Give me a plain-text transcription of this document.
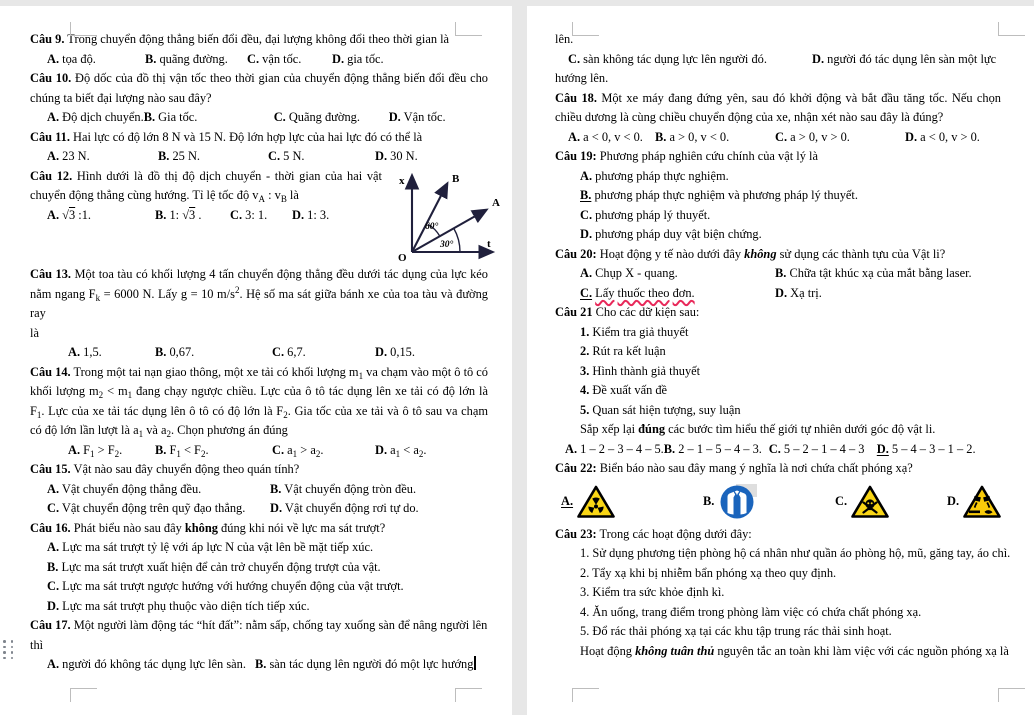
Câu 9. Trong chuyển động thẳng biến đổi đều, đại lượng không đổi theo thời gian là
A. tọa độ.	B. quãng đường.	C. vận tốc.	D. gia tốc.
Câu 10. Độ dốc của đồ thị vận tốc theo thời gian của chuyển động thẳng biến đổi đều cho chúng ta biết đại lượng nào sau đây?
A. Độ dịch chuyển. B. Gia tốc.	C. Quãng đường.	D. Vận tốc.
Câu 11. Hai lực có độ lớn 8 N và 15 N. Độ lớn hợp lực của hai lực đó có thể là
A. 23 N.	B. 25 N.	C. 5 N.	D. 30 N.
Câu 12. Hình dưới là đồ thị độ dịch chuyển - thời gian của hai vật chuyển động thẳng cùng hướng. Tỉ lệ tốc độ $v_A$ : $v_B$ là
A. √3 :1.	B. 1: √3 .	C. 3: 1.	D. 1: 3.
Câu 13. Một toa tàu có khối lượng 4 tấn chuyển động thẳng đều dưới tác dụng của lực kéo nằm ngang $F_k = 6000$ N. Lấy g = 10 $m/s^2$. Hệ số ma sát giữa bánh xe của toa tàu và đường ray
là
A. 1,5.	B. 0,67.	C. 6,7.	D. 0,15.
Câu 14. Trong một tai nạn giao thông, một xe tải có khối lượng $m_1$ va chạm vào một ô tô có khối lượng $m_2 < m_1$ đang chạy ngược chiều. Lực của ô tô tác dụng lên xe tải có độ lớn là $F_1$. Lực của xe tải tác dụng lên ô tô có độ lớn là $F_2$. Gia tốc của xe tải và ô tô sau va chạm có độ lớn lần lượt là $a_1$ và $a_2$. Chọn phương án đúng
A. $F_1 > F_2$.	B. $F_1 < F_2$.	C. $a_1 > a_2$.	D. $a_1 < a_2$.
Câu 15. Vật nào sau đây chuyển động theo quán tính?
A. Vật chuyển động thẳng đều.	B. Vật chuyển động tròn đều.
C. Vật chuyển động trên quỹ đạo thẳng.	D. Vật chuyển động rơi tự do.
Câu 16. Phát biểu nào sau đây không đúng khi nói về lực ma sát trượt?
A. Lực ma sát trượt tỷ lệ với áp lực N của vật lên bề mặt tiếp xúc.
B. Lực ma sát trượt xuất hiện để cản trở chuyển động trượt của vật.
C. Lực ma sát trượt ngược hướng với hướng chuyển động của vật trượt.
D. Lực ma sát trượt phụ thuộc vào diện tích tiếp xúc.
Câu 17. Một người làm động tác “hít đất”: nằm sấp, chống tay xuống sàn để nâng người lên
thì
A. người đó không tác dụng lực lên sàn. B. sàn tác dụng lên người đó một lực hướng
x
t
O
B
A
60°
30°
lên.
C. sàn không tác dụng lực lên người đó.	D. người đó tác dụng lên sàn một lực
hướng lên.
Câu 18. Một xe máy đang đứng yên, sau đó khởi động và bắt đầu tăng tốc. Nếu chọn chiều dương là cùng chiều chuyển động của xe, nhận xét nào sau đây là đúng?
A. a < 0, v < 0. B. a > 0, v < 0.	C. a > 0, v > 0.	D. a < 0, v > 0.
Câu 19: Phương pháp nghiên cứu chính của vật lý là
A. phương pháp thực nghiệm.
B. phương pháp thực nghiệm và phương pháp lý thuyết.
C. phương pháp lý thuyết.
D. phương pháp duy vật biện chứng.
Câu 20: Hoạt động y tế nào dưới đây không sử dụng các thành tựu của Vật li?
A. Chụp X - quang.	B. Chữa tật khúc xạ của mắt bằng laser.
C. Lấy thuốc theo đơn.	D. Xạ trị.
Câu 21 Cho các dữ kiện sau:
1. Kiểm tra giả thuyết
2. Rút ra kết luận
3. Hình thành giả thuyết
4. Đề xuất vấn đề
5. Quan sát hiện tượng, suy luận
Sắp xếp lại đúng các bước tìm hiểu thế giới tự nhiên dưới góc độ vật li.
A. 1 – 2 – 3 – 4 – 5. B. 2 – 1 – 5 – 4 – 3. C. 5 – 2 – 1 – 4 – 3 D. 5 – 4 – 3 – 1 – 2.
Câu 22: Biển báo nào sau đây mang ý nghĩa là nơi chứa chất phóng xạ?
A.	B.	C.	D.
Câu 23: Trong các hoạt động dưới đây:
1. Sử dụng phương tiện phòng hộ cá nhân như quần áo phòng hộ, mũ, găng tay, áo chì.
2. Tẩy xạ khi bị nhiễm bẩn phóng xạ theo quy định.
3. Kiểm tra sức khỏe định kì.
4. Ăn uống, trang điểm trong phòng làm việc có chứa chất phóng xạ.
5. Đổ rác thải phóng xạ tại các khu tập trung rác thải sinh hoạt.
Hoạt động không tuân thủ nguyên tắc an toàn khi làm việc với các nguồn phóng xạ là
